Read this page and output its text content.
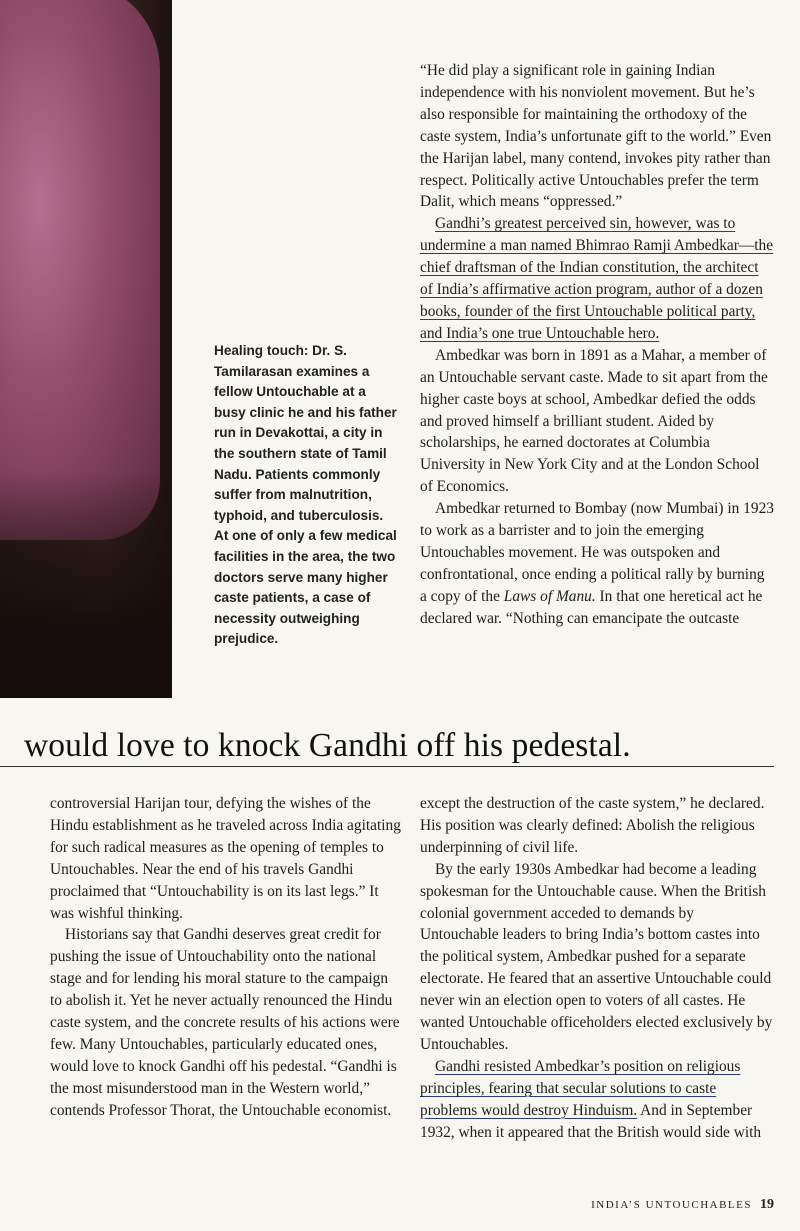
Healing touch: Dr. S. Tamilarasan examines a fellow Untouchable at a busy clinic he and his father run in Devakottai, a city in the southern state of Tamil Nadu. Patients commonly suffer from malnutrition, typhoid, and tuberculosis. At one of only a few medical facilities in the area, the two doctors serve many higher caste patients, a case of necessity outweighing prejudice.

“He did play a significant role in gaining Indian independence with his nonviolent movement. But he’s also responsible for maintaining the orthodoxy of the caste system, India’s unfortunate gift to the world.” Even the Harijan label, many contend, invokes pity rather than respect. Politically active Untouchables prefer the term Dalit, which means “oppressed.”

Gandhi’s greatest perceived sin, however, was to undermine a man named Bhimrao Ramji Ambedkar—the chief draftsman of the Indian constitution, the architect of India’s affirmative action program, author of a dozen books, founder of the first Untouchable political party, and India’s one true Untouchable hero.

Ambedkar was born in 1891 as a Mahar, a member of an Untouchable servant caste. Made to sit apart from the higher caste boys at school, Ambedkar defied the odds and proved himself a brilliant student. Aided by scholarships, he earned doctorates at Columbia University in New York City and at the London School of Economics.

Ambedkar returned to Bombay (now Mumbai) in 1923 to work as a barrister and to join the emerging Untouchables movement. He was outspoken and confrontational, once ending a political rally by burning a copy of the Laws of Manu. In that one heretical act he declared war. “Nothing can emancipate the outcaste

would love to knock Gandhi off his pedestal.

controversial Harijan tour, defying the wishes of the Hindu establishment as he traveled across India agitating for such radical measures as the opening of temples to Untouchables. Near the end of his travels Gandhi proclaimed that “Untouchability is on its last legs.” It was wishful thinking.

Historians say that Gandhi deserves great credit for pushing the issue of Untouchability onto the national stage and for lending his moral stature to the campaign to abolish it. Yet he never actually renounced the Hindu caste system, and the concrete results of his actions were few. Many Untouchables, particularly educated ones, would love to knock Gandhi off his pedestal. “Gandhi is the most misunderstood man in the Western world,” contends Professor Thorat, the Untouchable economist.

except the destruction of the caste system,” he declared. His position was clearly defined: Abolish the religious underpinning of civil life.

By the early 1930s Ambedkar had become a leading spokesman for the Untouchable cause. When the British colonial government acceded to demands by Untouchable leaders to bring India’s bottom castes into the political system, Ambedkar pushed for a separate electorate. He feared that an assertive Untouchable could never win an election open to voters of all castes. He wanted Untouchable officeholders elected exclusively by Untouchables.

Gandhi resisted Ambedkar’s position on religious principles, fearing that secular solutions to caste problems would destroy Hinduism. And in September 1932, when it appeared that the British would side with

INDIA’S UNTOUCHABLES 19
